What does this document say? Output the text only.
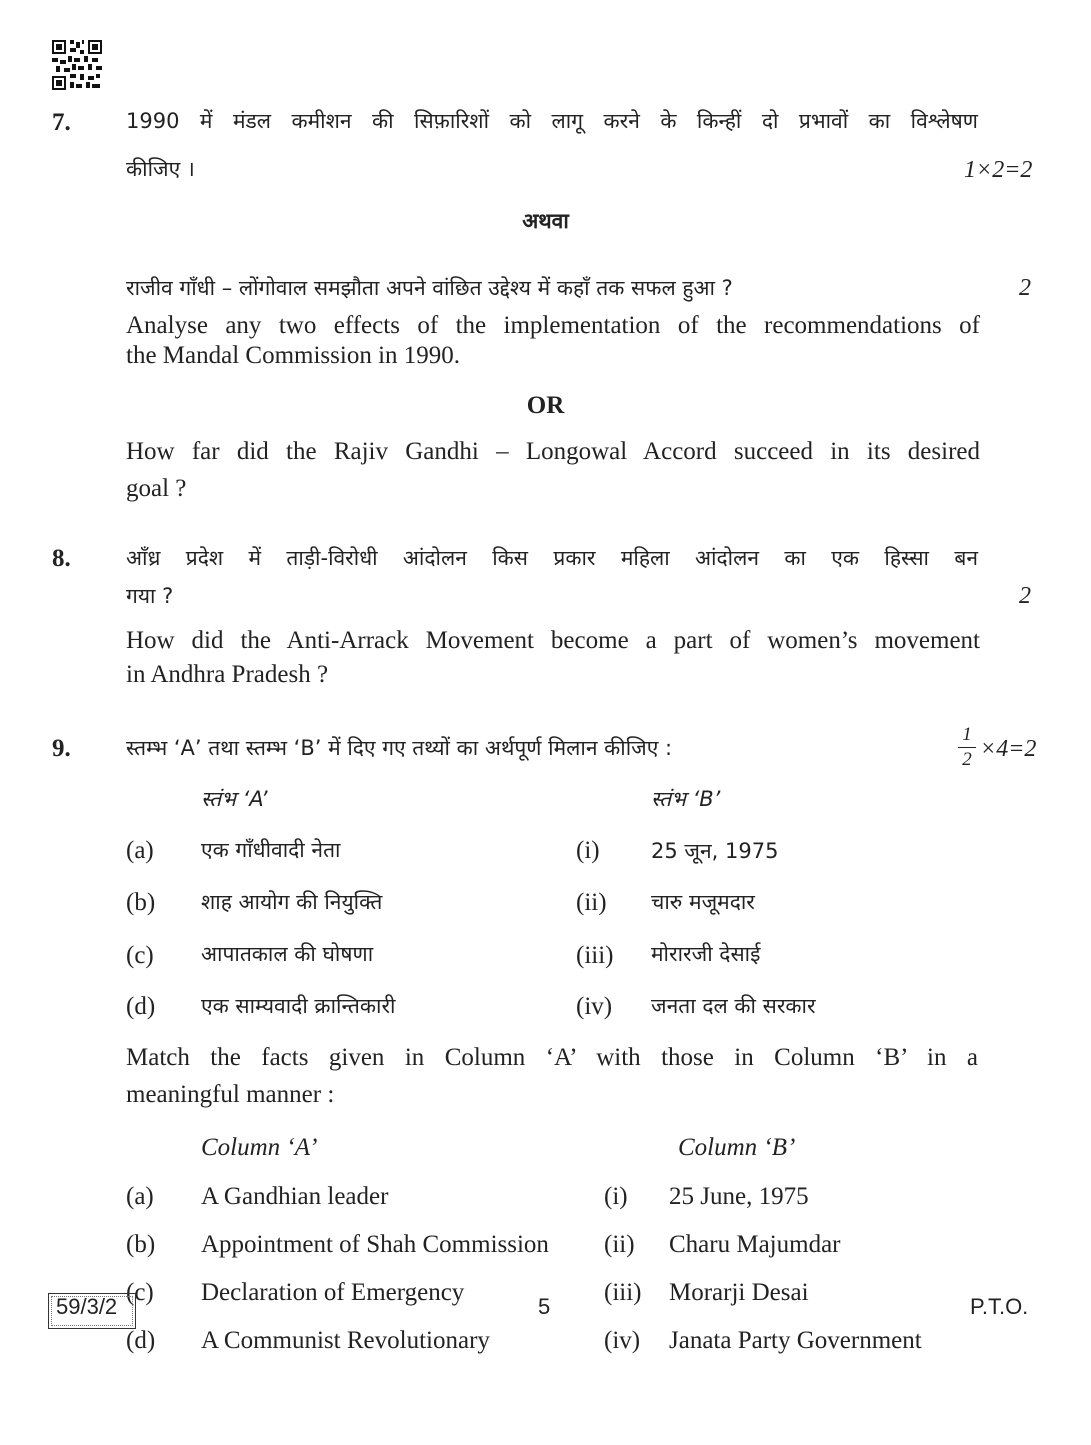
7.	1990 में मंडल कमीशन की सिफ़ारिशों को लागू करने के किन्हीं दो प्रभावों का विश्लेषण
कीजिए ।	1×2=2
अथवा
राजीव गाँधी – लोंगोवाल समझौता अपने वांछित उद्देश्य में कहाँ तक सफल हुआ ?	2
Analyse any two effects of the implementation of the recommendations of
the Mandal Commission in 1990.
OR
How far did the Rajiv Gandhi – Longowal Accord succeed in its desired
goal ?
8.	आँध्र प्रदेश में ताड़ी-विरोधी आंदोलन किस प्रकार महिला आंदोलन का एक हिस्सा बन
गया ?	2
How did the Anti-Arrack Movement become a part of women’s movement
in Andhra Pradesh ?
9.	स्तम्भ ‘A’ तथा स्तम्भ ‘B’ में दिए गए तथ्यों का अर्थपूर्ण मिलान कीजिए :
1
2 ×4=2
स्तंभ ‘A’	स्तंभ ‘B’
(a) एक गाँधीवादी नेता	(i) 25 जून, 1975
(b) शाह आयोग की नियुक्ति	(ii) चारु मजूमदार
(c) आपातकाल की घोषणा	(iii) मोरारजी देसाई
(d) एक साम्यवादी क्रान्तिकारी	(iv) जनता दल की सरकार
Match the facts given in Column ‘A’ with those in Column ‘B’ in a
meaningful manner :
Column ‘A’	Column ‘B’
(a) A Gandhian leader	(i) 25 June, 1975
(b) Appointment of Shah Commission (ii) Charu Majumdar
(c) Declaration of Emergency	(iii) Morarji Desai
(d) A Communist Revolutionary	(iv) Janata Party Government
59/3/2	5	P.T.O.
